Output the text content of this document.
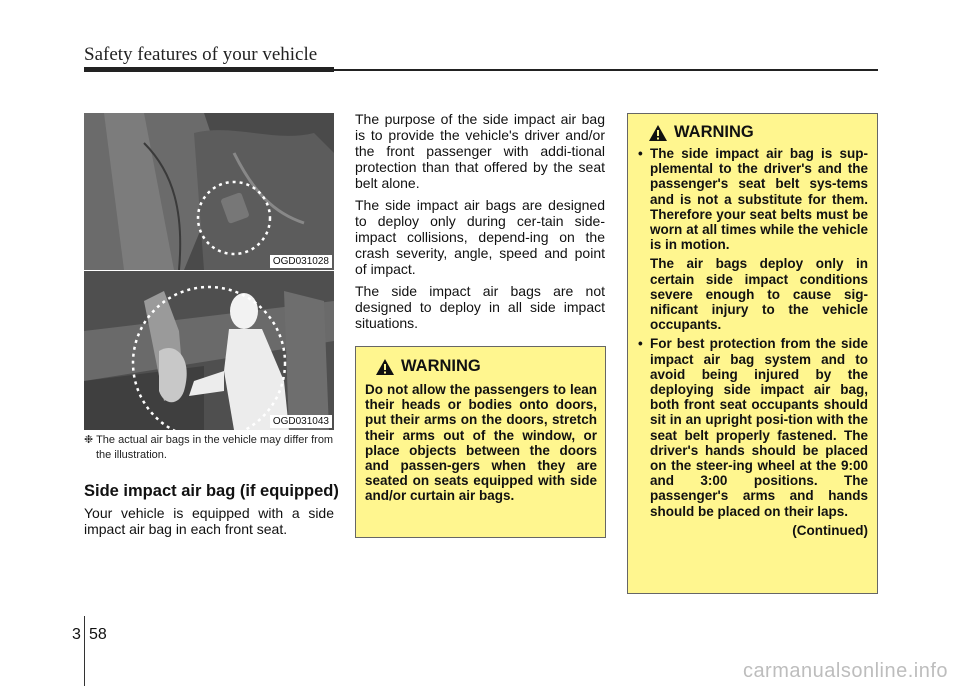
Safety features of your vehicle
OGD031028
OGD031043
❉ The actual air bags in the vehicle may differ from the illustration.
Side impact air bag (if equipped)

Your vehicle is equipped with a side impact air bag in each front seat.

The purpose of the side impact air bag is to provide the vehicle's driver and/or the front passenger with addi-tional protection than that offered by the seat belt alone.

The side impact air bags are designed to deploy only during cer-tain side-impact collisions, depend-ing on the crash severity, angle, speed and point of impact.

The side impact air bags are not designed to deploy in all side impact situations.

WARNING
Do not allow the passengers to lean their heads or bodies onto doors, put their arms on the doors, stretch their arms out of the window, or place objects between the doors and passen-gers when they are seated on seats equipped with side and/or curtain air bags.
WARNING
• The side impact air bag is sup-plemental to the driver's and the passenger's seat belt sys-tems and is not a substitute for them. Therefore your seat belts must be worn at all times while the vehicle is in motion.
The air bags deploy only in certain side impact conditions severe enough to cause sig-nificant injury to the vehicle occupants.
• For best protection from the side impact air bag system and to avoid being injured by the deploying side impact air bag, both front seat occupants should sit in an upright posi-tion with the seat belt properly fastened. The driver's hands should be placed on the steer-ing wheel at the 9:00 and 3:00 positions. The passenger's arms and hands should be placed on their laps.
(Continued)
3 58
carmanualsonline.info
